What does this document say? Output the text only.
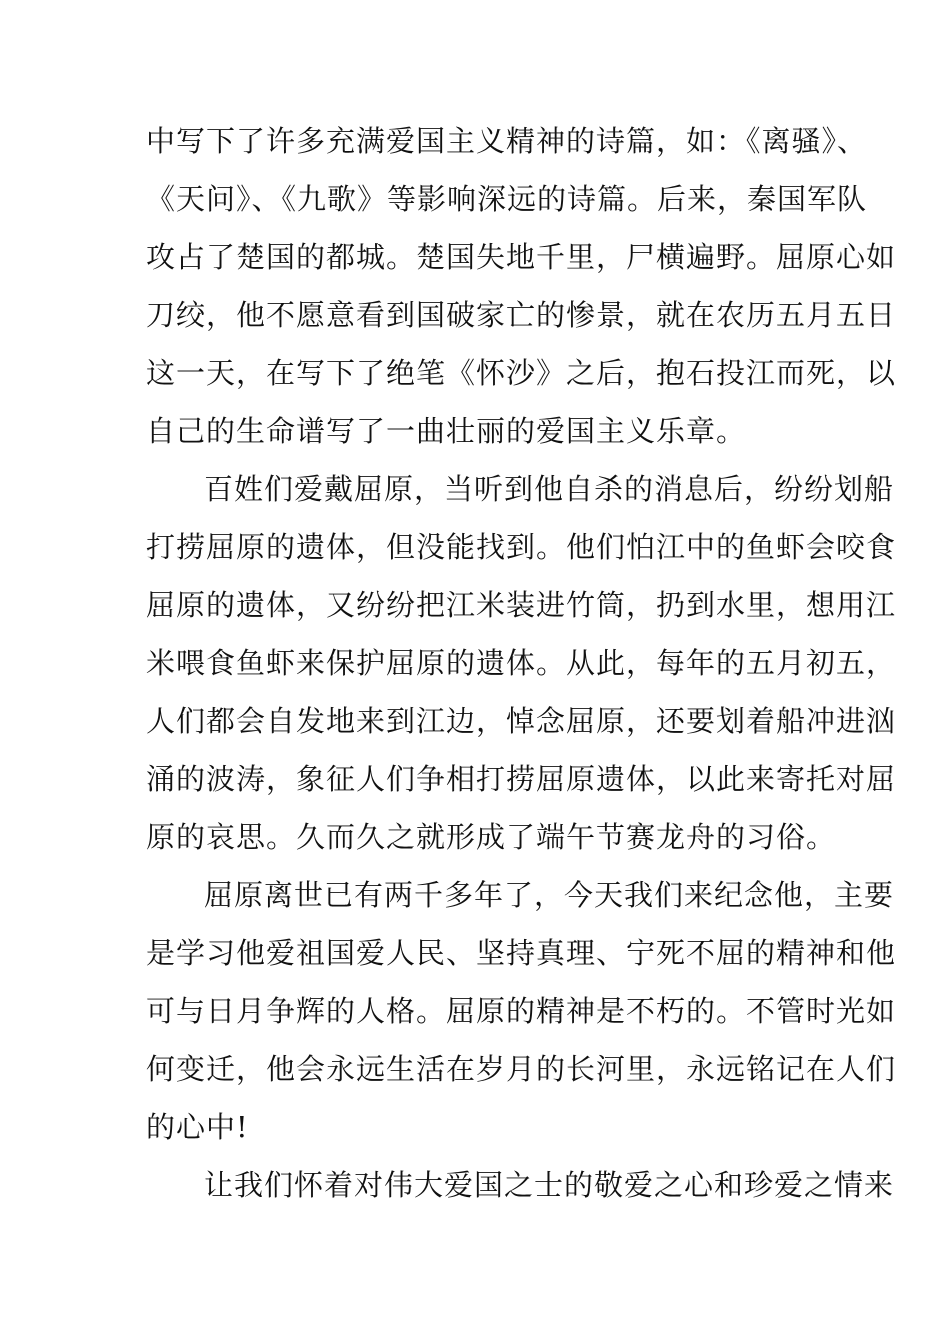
中写下了许多充满爱国主义精神的诗篇，如：《离骚》、
《天问》、《九歌》等影响深远的诗篇。后来，秦国军队
攻占了楚国的都城。楚国失地千里，尸横遍野。屈原心如
刀绞，他不愿意看到国破家亡的惨景，就在农历五月五日
这一天，在写下了绝笔《怀沙》之后，抱石投江而死，以
自己的生命谱写了一曲壮丽的爱国主义乐章。
百姓们爱戴屈原，当听到他自杀的消息后，纷纷划船
打捞屈原的遗体，但没能找到。他们怕江中的鱼虾会咬食
屈原的遗体，又纷纷把江米装进竹筒，扔到水里，想用江
米喂食鱼虾来保护屈原的遗体。从此，每年的五月初五，
人们都会自发地来到江边，悼念屈原，还要划着船冲进汹
涌的波涛，象征人们争相打捞屈原遗体，以此来寄托对屈
原的哀思。久而久之就形成了端午节赛龙舟的习俗。
屈原离世已有两千多年了，今天我们来纪念他，主要
是学习他爱祖国爱人民、坚持真理、宁死不屈的精神和他
可与日月争辉的人格。屈原的精神是不朽的。不管时光如
何变迁，他会永远生活在岁月的长河里，永远铭记在人们
的心中!
让我们怀着对伟大爱国之士的敬爱之心和珍爱之情来
